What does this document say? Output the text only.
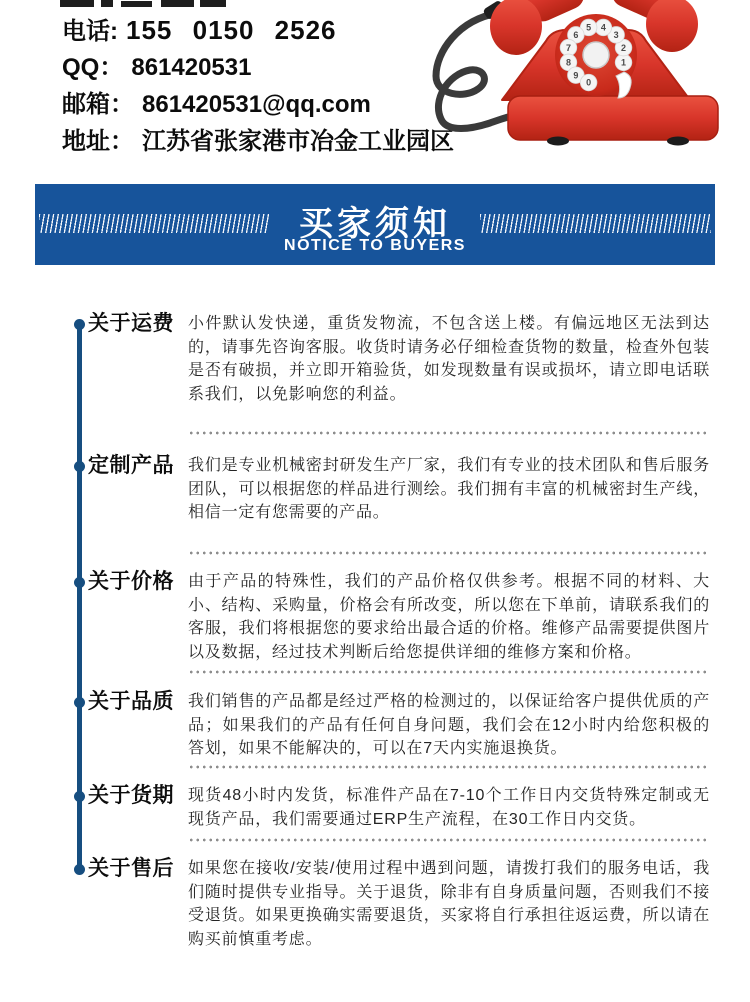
电话: 155 0150 2526
QQ： 861420531
邮箱： 861420531@qq.com
地址： 江苏省张家港市冶金工业园区
1
2
3
4
5
6
7
8
9
0
买家须知
NOTICE TO BUYERS
关于运费 小件默认发快递，重货发物流，不包含送上楼。有偏远地区无法到达的，请事先咨询客服。收货时请务必仔细检查货物的数量，检查外包装是否有破损，并立即开箱验货，如发现数量有误或损坏，请立即电话联系我们，以免影响您的利益。
定制产品 我们是专业机械密封研发生产厂家，我们有专业的技术团队和售后服务团队，可以根据您的样品进行测绘。我们拥有丰富的机械密封生产线，相信一定有您需要的产品。
关于价格 由于产品的特殊性，我们的产品价格仅供参考。根据不同的材料、大小、结构、采购量，价格会有所改变，所以您在下单前，请联系我们的客服，我们将根据您的要求给出最合适的价格。维修产品需要提供图片以及数据，经过技术判断后给您提供详细的维修方案和价格。
关于品质 我们销售的产品都是经过严格的检测过的，以保证给客户提供优质的产品；如果我们的产品有任何自身问题，我们会在12小时内给您积极的答划，如果不能解决的，可以在7天内实施退换货。
关于货期 现货48小时内发货，标准件产品在7-10个工作日内交货特殊定制或无现货产品，我们需要通过ERP生产流程，在30工作日内交货。
关于售后 如果您在接收/安装/使用过程中遇到问题，请拨打我们的服务电话，我们随时提供专业指导。关于退货，除非有自身质量问题，否则我们不接受退货。如果更换确实需要退货，买家将自行承担往返运费，所以请在购买前慎重考虑。
